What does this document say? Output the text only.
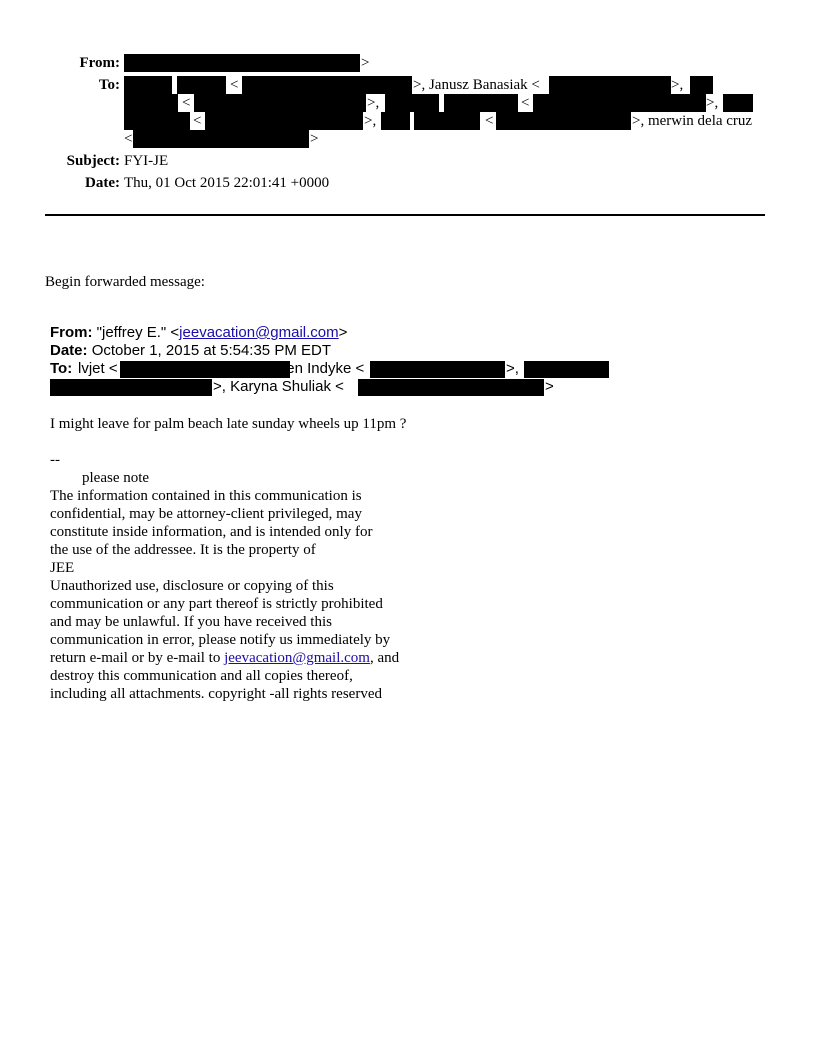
From:	>
To:	<	>, Janusz Banasiak <	>,
<	>,	<	>,
<	>,	<	>, merwin dela cruz
<	>
Subject: FYI-JE
Date: Thu, 01 Oct 2015 22:01:41 +0000
Begin forwarded message:
From: "jeffrey E." <jeevacation@gmail.com>
Date: October 1, 2015 at 5:54:35 PM EDT
To: lvjet <	>, Darren Indyke <	>,
>, Karyna Shuliak <	>
I might leave for palm beach late sunday wheels up 11pm ?
--
please note
The information contained in this communication is
confidential, may be attorney-client privileged, may
constitute inside information, and is intended only for
the use of the addressee. It is the property of
JEE
Unauthorized use, disclosure or copying of this
communication or any part thereof is strictly prohibited
and may be unlawful. If you have received this
communication in error, please notify us immediately by
return e-mail or by e-mail to jeevacation@gmail.com, and
destroy this communication and all copies thereof,
including all attachments. copyright -all rights reserved
